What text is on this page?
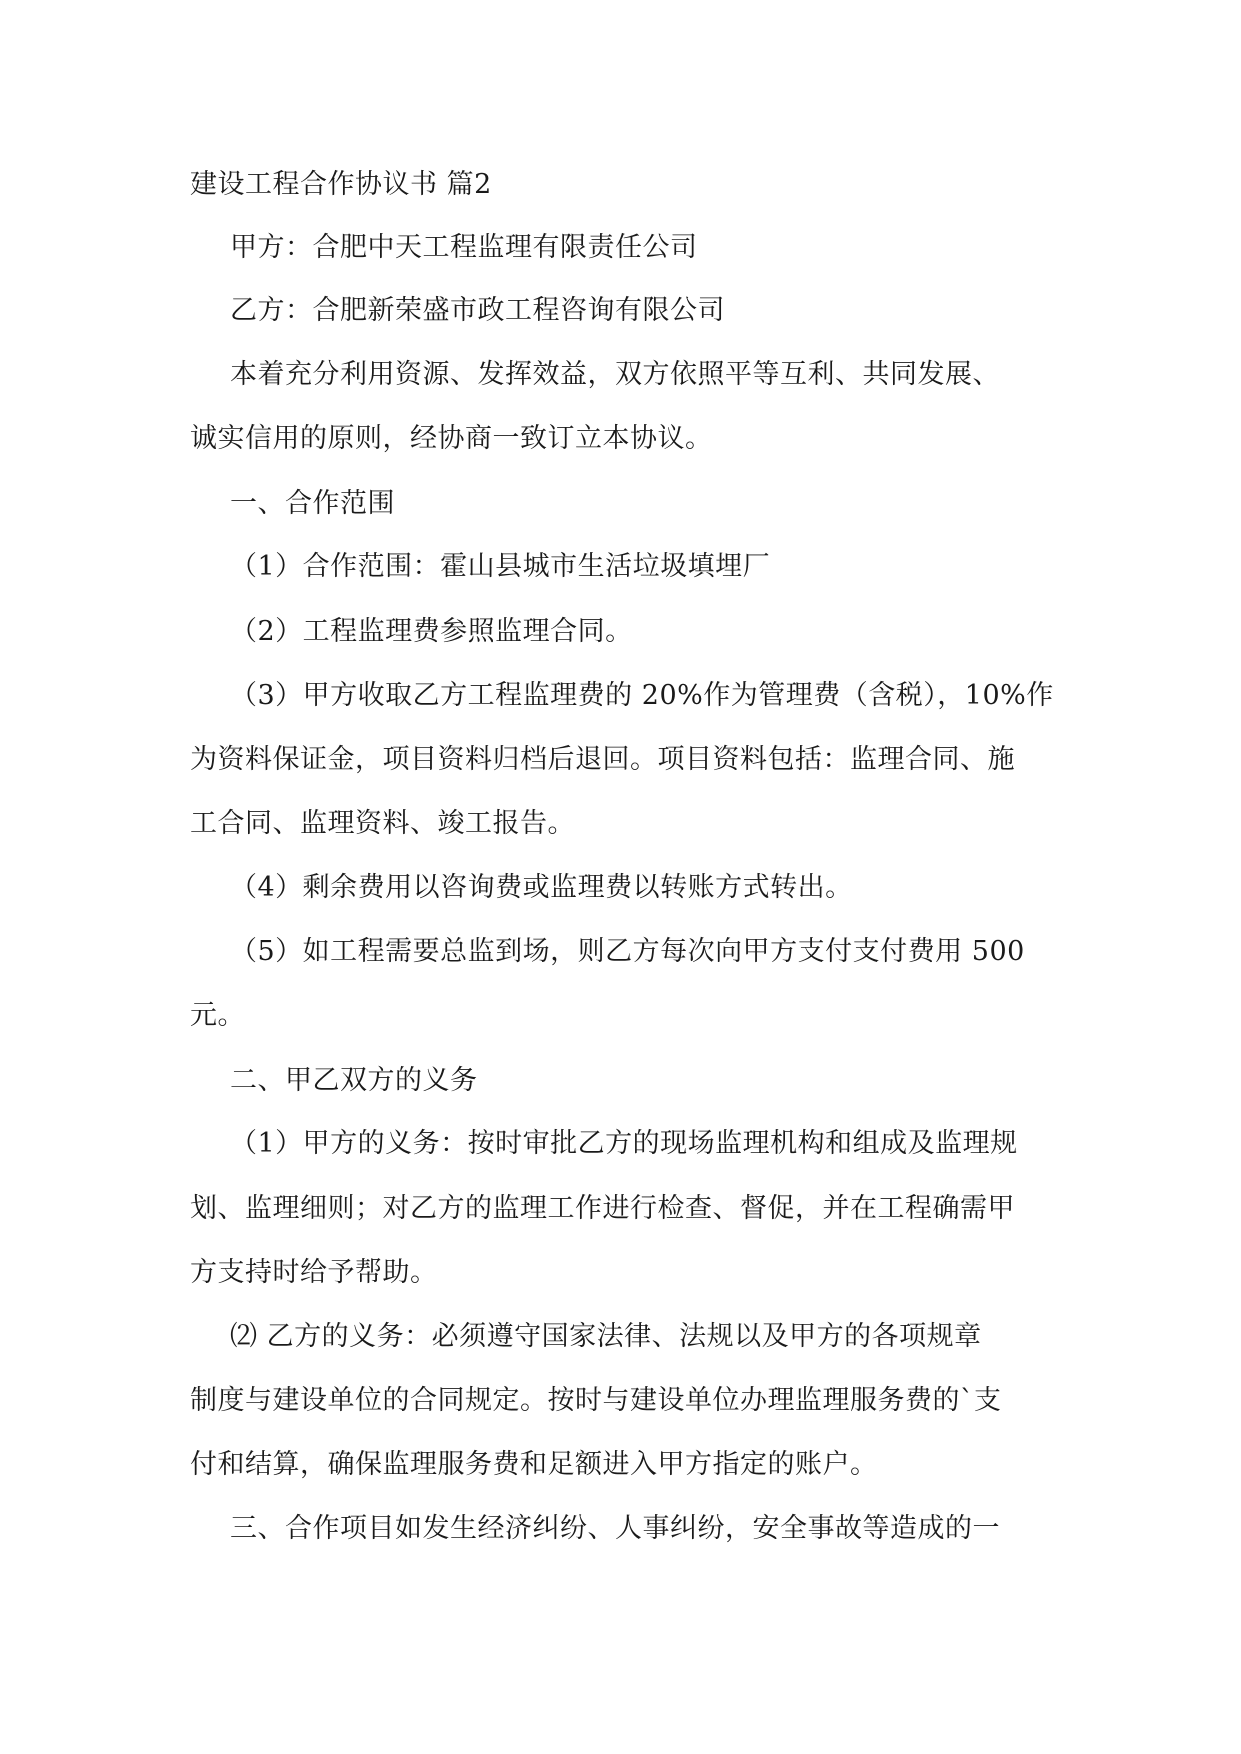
建设工程合作协议书 篇2
甲方：合肥中天工程监理有限责任公司
乙方：合肥新荣盛市政工程咨询有限公司
本着充分利用资源、发挥效益，双方依照平等互利、共同发展、
诚实信用的原则，经协商一致订立本协议。
一、合作范围
（1）合作范围：霍山县城市生活垃圾填埋厂
（2）工程监理费参照监理合同。
（3）甲方收取乙方工程监理费的 20%作为管理费（含税），10%作
为资料保证金，项目资料归档后退回。项目资料包括：监理合同、施
工合同、监理资料、竣工报告。
（4）剩余费用以咨询费或监理费以转账方式转出。
（5）如工程需要总监到场，则乙方每次向甲方支付支付费用 500
元。
二、甲乙双方的义务
（1）甲方的义务：按时审批乙方的现场监理机构和组成及监理规
划、监理细则；对乙方的监理工作进行检查、督促，并在工程确需甲
方支持时给予帮助。
⑵ 乙方的义务：必须遵守国家法律、法规以及甲方的各项规章
制度与建设单位的合同规定。按时与建设单位办理监理服务费的`支
付和结算，确保监理服务费和足额进入甲方指定的账户。
三、合作项目如发生经济纠纷、人事纠纷，安全事故等造成的一
